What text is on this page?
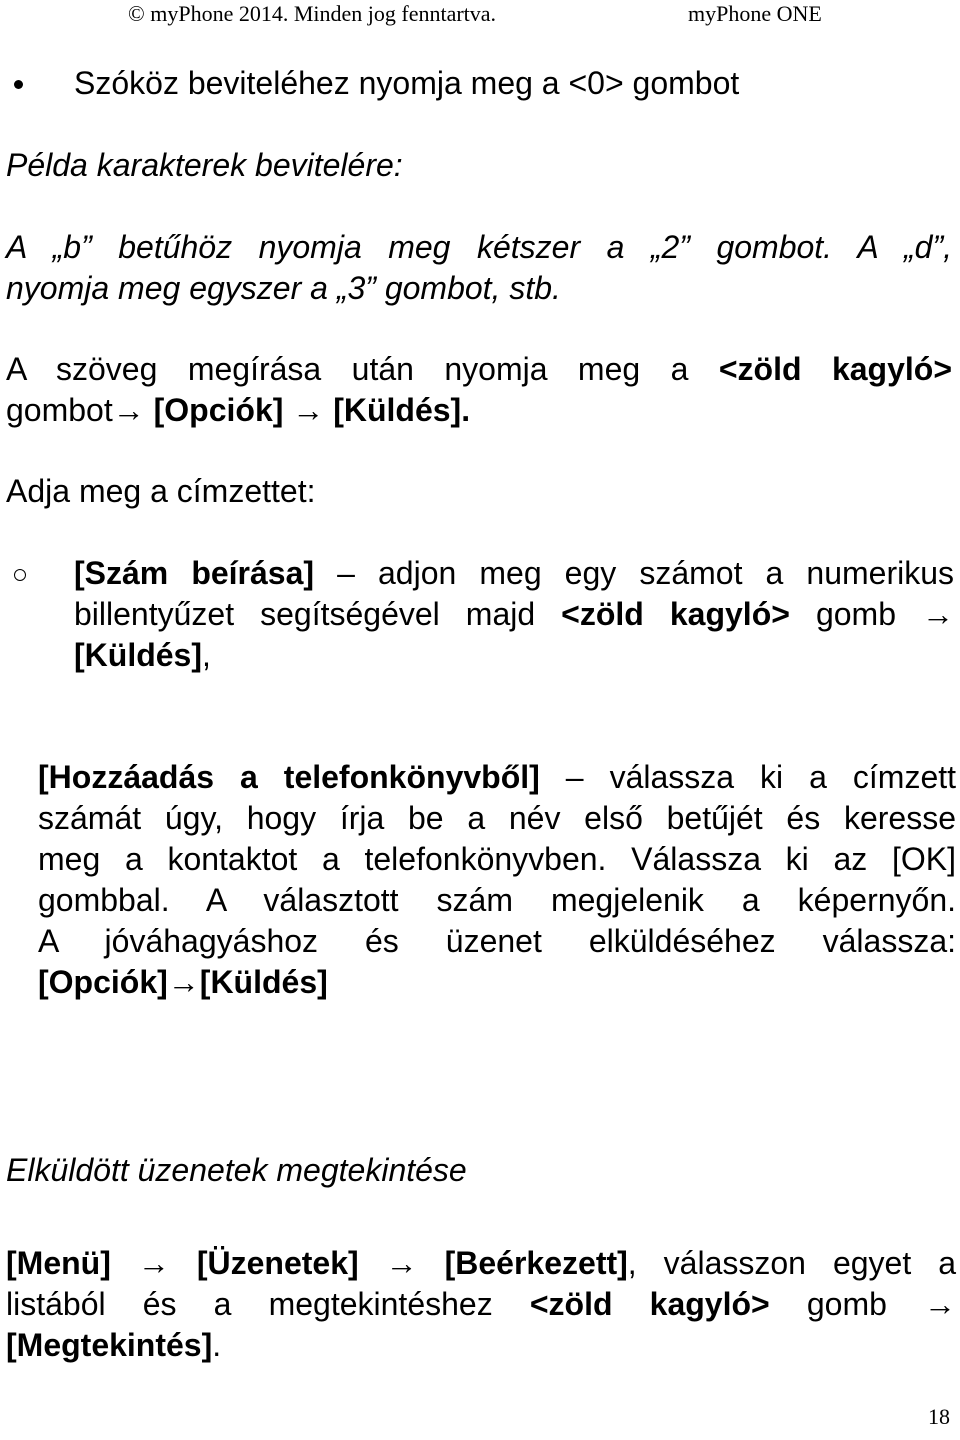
© myPhone 2014. Minden jog fenntartva.	myPhone ONE
Szóköz beviteléhez nyomja meg a <0> gombot
Példa karakterek bevitelére:
A „b” betűhöz nyomja meg kétszer a „2” gombot. A „d”,
nyomja meg egyszer a „3” gombot, stb.
A szöveg megírása után nyomja meg a <zöld kagyló>
gombot→ [Opciók] → [Küldés].
Adja meg a címzettet:
[Szám beírása] – adjon meg egy számot a numerikus
billentyűzet segítségével majd <zöld kagyló> gomb →
[Küldés],
[Hozzáadás a telefonkönyvből] – válassza ki a címzett
számát úgy, hogy írja be a név első betűjét és keresse
meg a kontaktot a telefonkönyvben. Válassza ki az [OK]
gombbal. A választott szám megjelenik a képernyőn.
A jóváhagyáshoz és üzenet elküldéséhez válassza:
[Opciók]→[Küldés]
Elküldött üzenetek megtekintése
[Menü] → [Üzenetek] → [Beérkezett], válasszon egyet a
listából és a megtekintéshez <zöld kagyló> gomb →
[Megtekintés].
18
